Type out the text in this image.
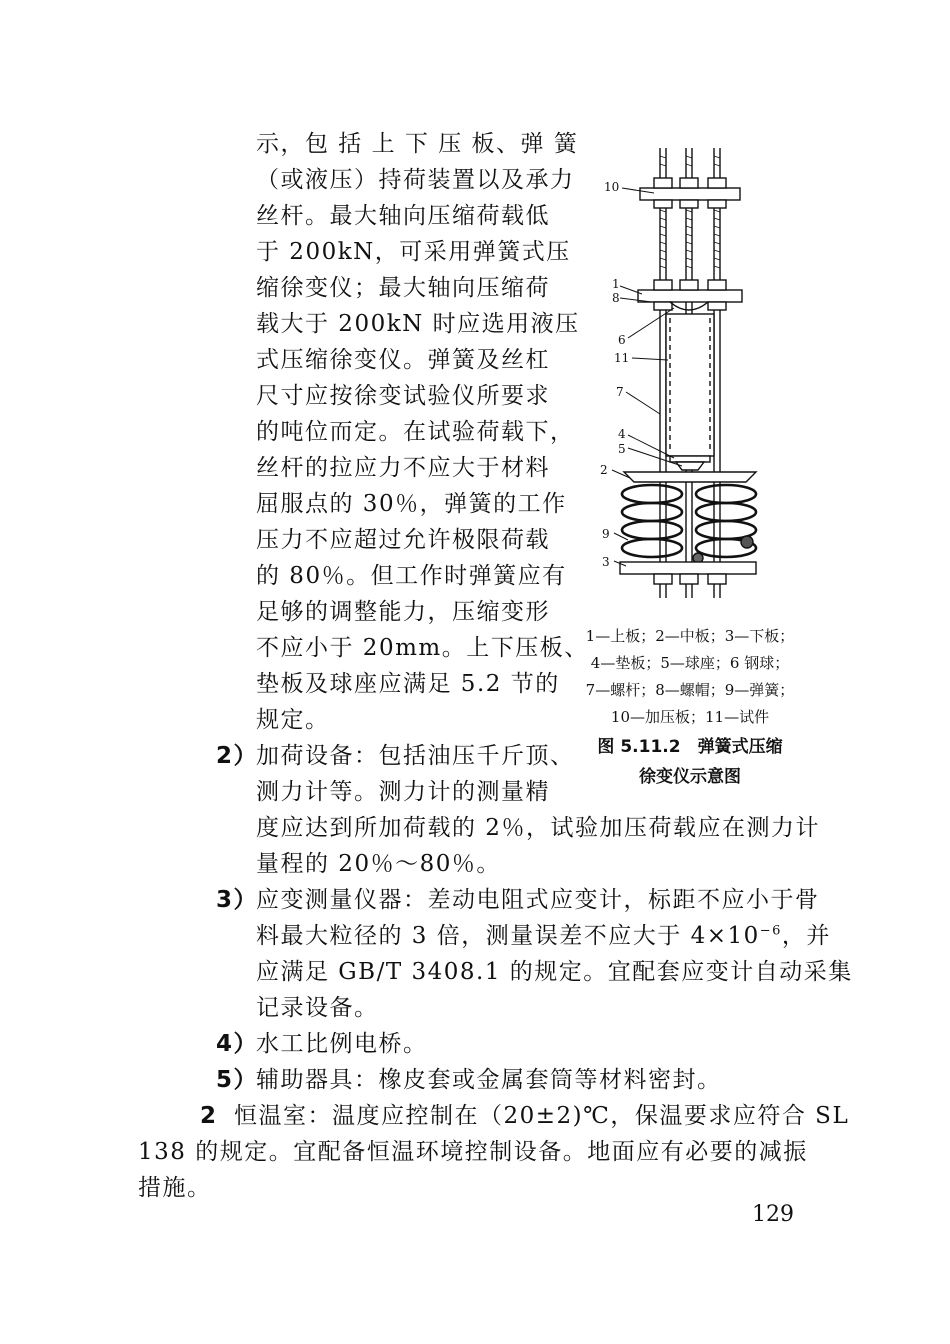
示，包 括 上 下 压 板、弹 簧
（或液压）持荷装置以及承力
丝杆。最大轴向压缩荷载低
于 200kN，可采用弹簧式压
缩徐变仪；最大轴向压缩荷
载大于 200kN 时应选用液压
式压缩徐变仪。弹簧及丝杠
尺寸应按徐变试验仪所要求
的吨位而定。在试验荷载下，
丝杆的拉应力不应大于材料
屈服点的 30％，弹簧的工作
压力不应超过允许极限荷载
的 80％。但工作时弹簧应有
足够的调整能力，压缩变形
不应小于 20mm。上下压板、
垫板及球座应满足 5.2 节的
规定。
2）
加荷设备：包括油压千斤顶、
测力计等。测力计的测量精
度应达到所加荷载的 2％，试验加压荷载应在测力计
量程的 20％～80％。
3）
应变测量仪器：差动电阻式应变计，标距不应小于骨
料最大粒径的 3 倍，测量误差不应大于 $4\times 10^{-6}$，并
应满足 GB/T 3408.1 的规定。宜配套应变计自动采集
记录设备。
4）
水工比例电桥。
5）
辅助器具：橡皮套或金属套筒等材料密封。
2 恒温室：温度应控制在（20±2)℃，保温要求应符合 SL
138 的规定。宜配备恒温环境控制设备。地面应有必要的减振
措施。
10
1
8
6
11
7
4
5
2
9
3
1—上板；2—中板；3—下板；
4—垫板；5—球座；6 钢球；
7—螺杆；8—螺帽；9—弹簧；
10—加压板；11—试件
图 5.11.2　弹簧式压缩
徐变仪示意图
129
